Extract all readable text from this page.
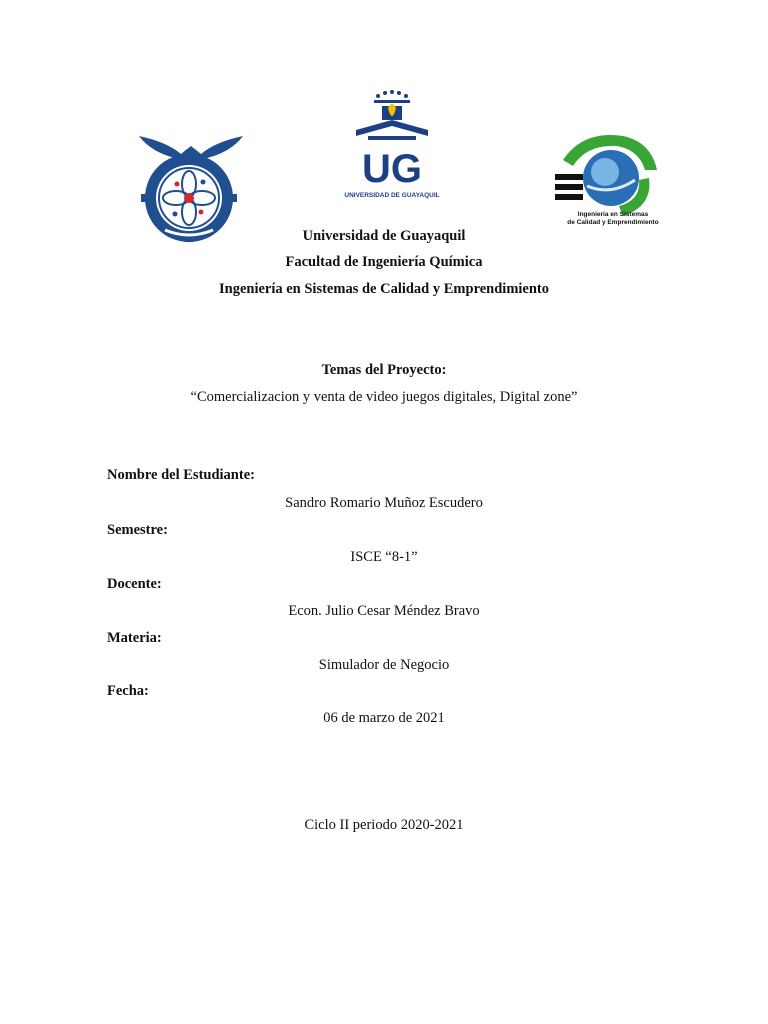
UG
UNIVERSIDAD DE GUAYAQUIL
Ingeniería en Sistemas
de Calidad y Emprendimiento
Universidad de Guayaquil
Facultad de Ingeniería Química
Ingeniería en Sistemas de Calidad y Emprendimiento
Temas del Proyecto:
“Comercializacion y venta de video juegos digitales, Digital zone”
Nombre del Estudiante:
Sandro Romario Muñoz Escudero
Semestre:
ISCE “8-1”
Docente:
Econ. Julio Cesar Méndez Bravo
Materia:
Simulador de Negocio
Fecha:
06 de marzo de 2021
Ciclo II periodo 2020-2021
